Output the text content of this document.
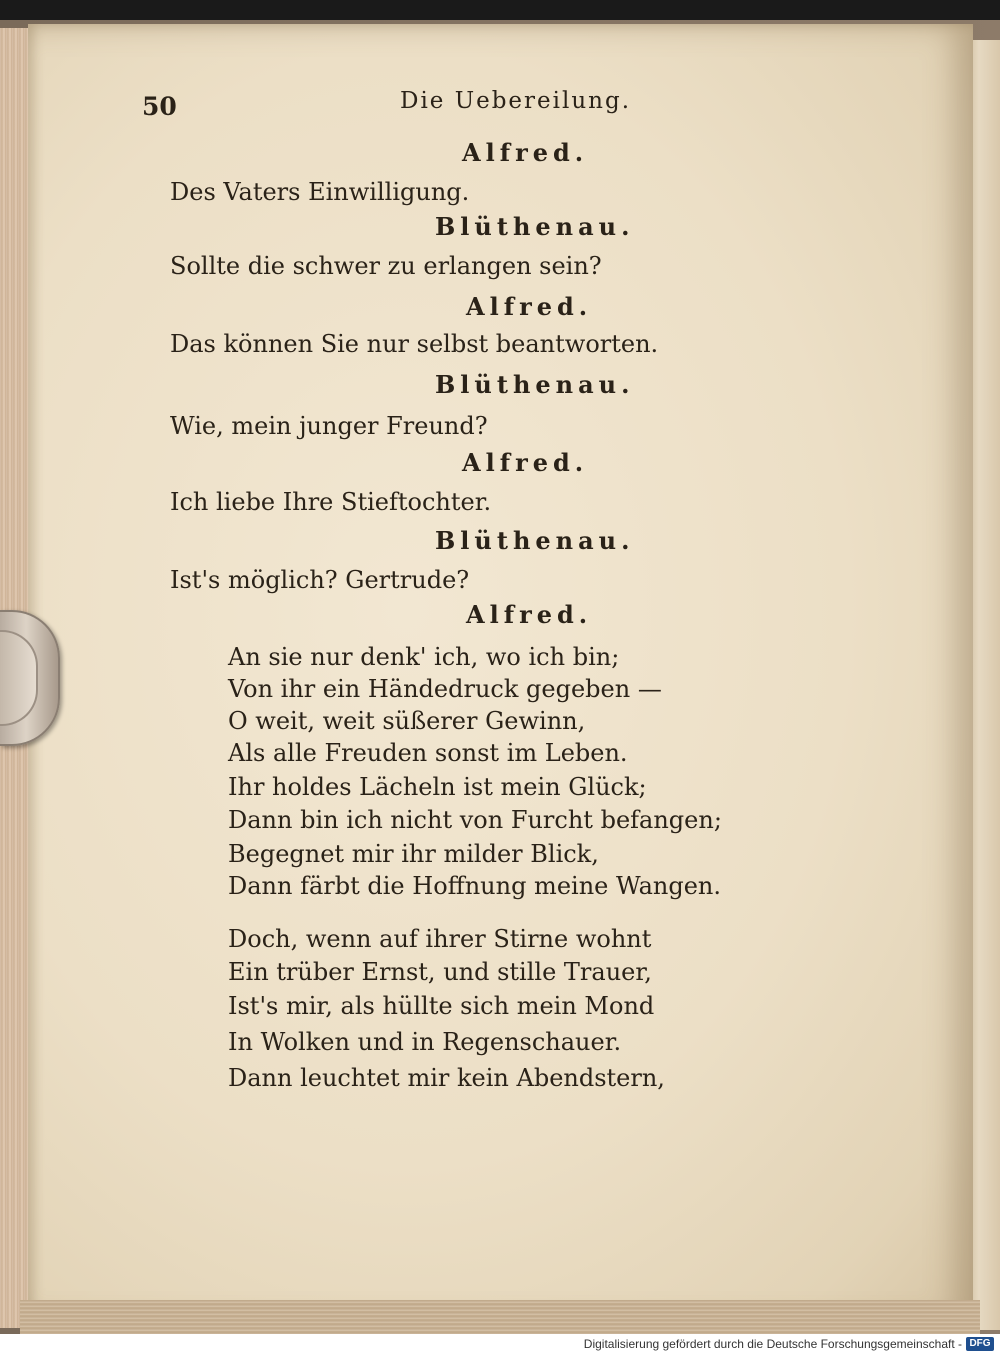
50	Die Uebereilung.
Alfred.
Des Vaters Einwilligung.
Blüthenau.
Sollte die schwer zu erlangen sein?
Alfred.
Das können Sie nur selbst beantworten.
Blüthenau.
Wie, mein junger Freund?
Alfred.
Ich liebe Ihre Stieftochter.
Blüthenau.
Ist's möglich? Gertrude?
Alfred.
An sie nur denk' ich, wo ich bin;
Von ihr ein Händedruck gegeben —
O weit, weit süßerer Gewinn,
Als alle Freuden sonst im Leben.
Ihr holdes Lächeln ist mein Glück;
Dann bin ich nicht von Furcht befangen;
Begegnet mir ihr milder Blick,
Dann färbt die Hoffnung meine Wangen.
Doch, wenn auf ihrer Stirne wohnt
Ein trüber Ernst, und stille Trauer,
Ist's mir, als hüllte sich mein Mond
In Wolken und in Regenschauer.
Dann leuchtet mir kein Abendstern,
Digitalisierung gefördert durch die Deutsche Forschungsgemeinschaft - DFG
